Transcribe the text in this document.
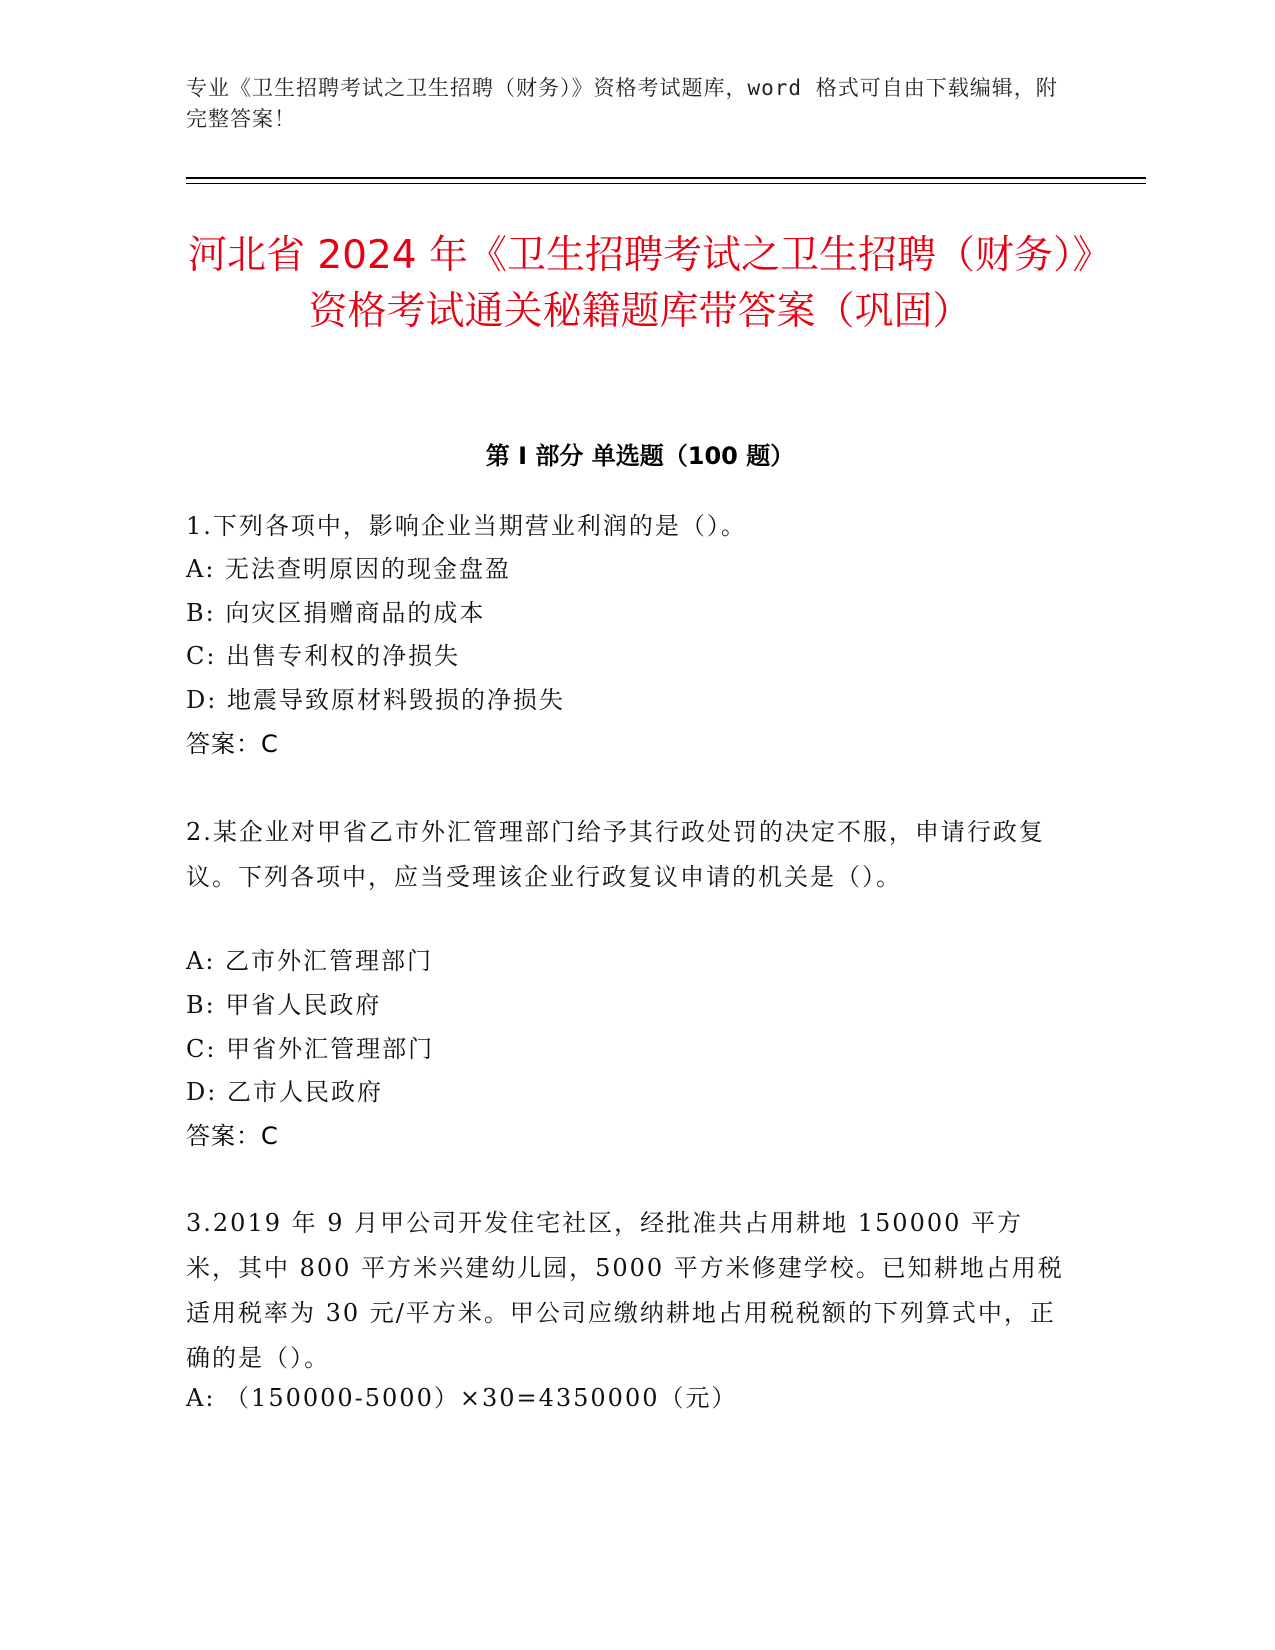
专业《卫生招聘考试之卫生招聘（财务）》资格考试题库，word 格式可自由下载编辑，附完整答案！
河北省 2024 年《卫生招聘考试之卫生招聘（财务）》资格考试通关秘籍题库带答案（巩固）
第 I 部分 单选题（100 题）
1.下列各项中，影响企业当期营业利润的是（）。
A: 无法查明原因的现金盘盈
B: 向灾区捐赠商品的成本
C: 出售专利权的净损失
D: 地震导致原材料毁损的净损失
答案：C
2.某企业对甲省乙市外汇管理部门给予其行政处罚的决定不服，申请行政复议。下列各项中，应当受理该企业行政复议申请的机关是（）。
A: 乙市外汇管理部门
B: 甲省人民政府
C: 甲省外汇管理部门
D: 乙市人民政府
答案：C
3.2019 年 9 月甲公司开发住宅社区，经批准共占用耕地 150000 平方米，其中 800 平方米兴建幼儿园，5000 平方米修建学校。已知耕地占用税适用税率为 30 元/平方米。甲公司应缴纳耕地占用税税额的下列算式中，正确的是（）。
A: （150000-5000）×30=4350000（元）
